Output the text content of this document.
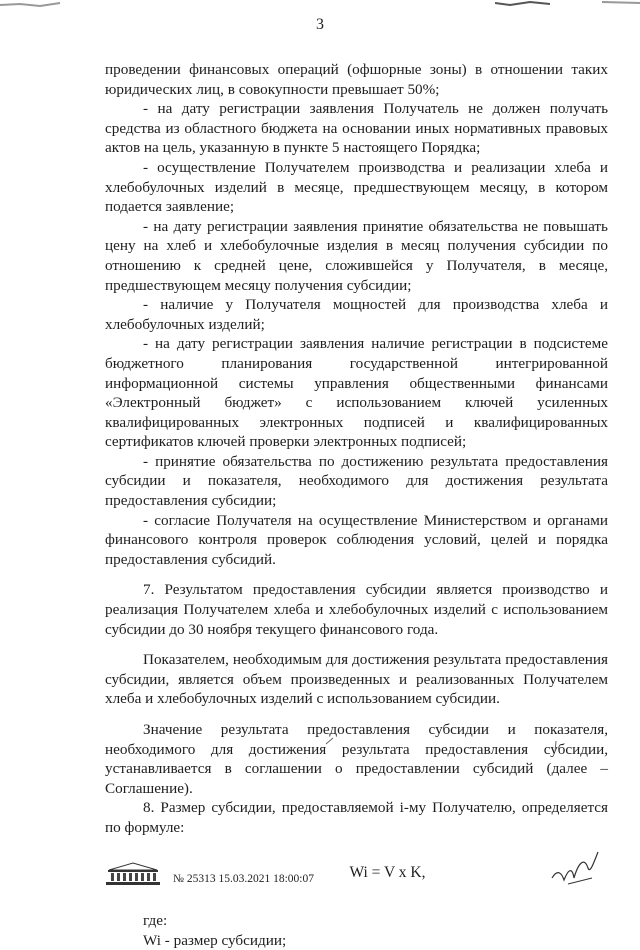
3

проведении финансовых операций (офшорные зоны) в отношении таких юридических лиц, в совокупности превышает 50%;

- на дату регистрации заявления Получатель не должен получать средства из областного бюджета на основании иных нормативных правовых актов на цель, указанную в пункте 5 настоящего Порядка;

- осуществление Получателем производства и реализации хлеба и хлебобулочных изделий в месяце, предшествующем месяцу, в котором подается заявление;

- на дату регистрации заявления принятие обязательства не повышать цену на хлеб и хлебобулочные изделия в месяц получения субсидии по отношению к средней цене, сложившейся у Получателя, в месяце, предшествующем месяцу получения субсидии;

- наличие у Получателя мощностей для производства хлеба и хлебобулочных изделий;

- на дату регистрации заявления наличие регистрации в подсистеме бюджетного планирования государственной интегрированной информационной системы управления общественными финансами «Электронный бюджет» с использованием ключей усиленных квалифицированных электронных подписей и квалифицированных сертификатов ключей проверки электронных подписей;

- принятие обязательства по достижению результата предоставления субсидии и показателя, необходимого для достижения результата предоставления субсидии;

- согласие Получателя на осуществление Министерством и органами финансового контроля проверок соблюдения условий, целей и порядка предоставления субсидий.

7. Результатом предоставления субсидии является производство и реализация Получателем хлеба и хлебобулочных изделий с использованием субсидии до 30 ноября текущего финансового года.

Показателем, необходимым для достижения результата предоставления субсидии, является объем произведенных и реализованных Получателем хлеба и хлебобулочных изделий с использованием субсидии.

Значение результата предоставления субсидии и показателя, необходимого для достижения результата предоставления субсидии, устанавливается в соглашении о предоставлении субсидий (далее – Соглашение).

8. Размер субсидии, предоставляемой i-му Получателю, определяется по формуле:

Wi = V x K,

где:

Wi - размер субсидии;

№ 25313 15.03.2021 18:00:07
